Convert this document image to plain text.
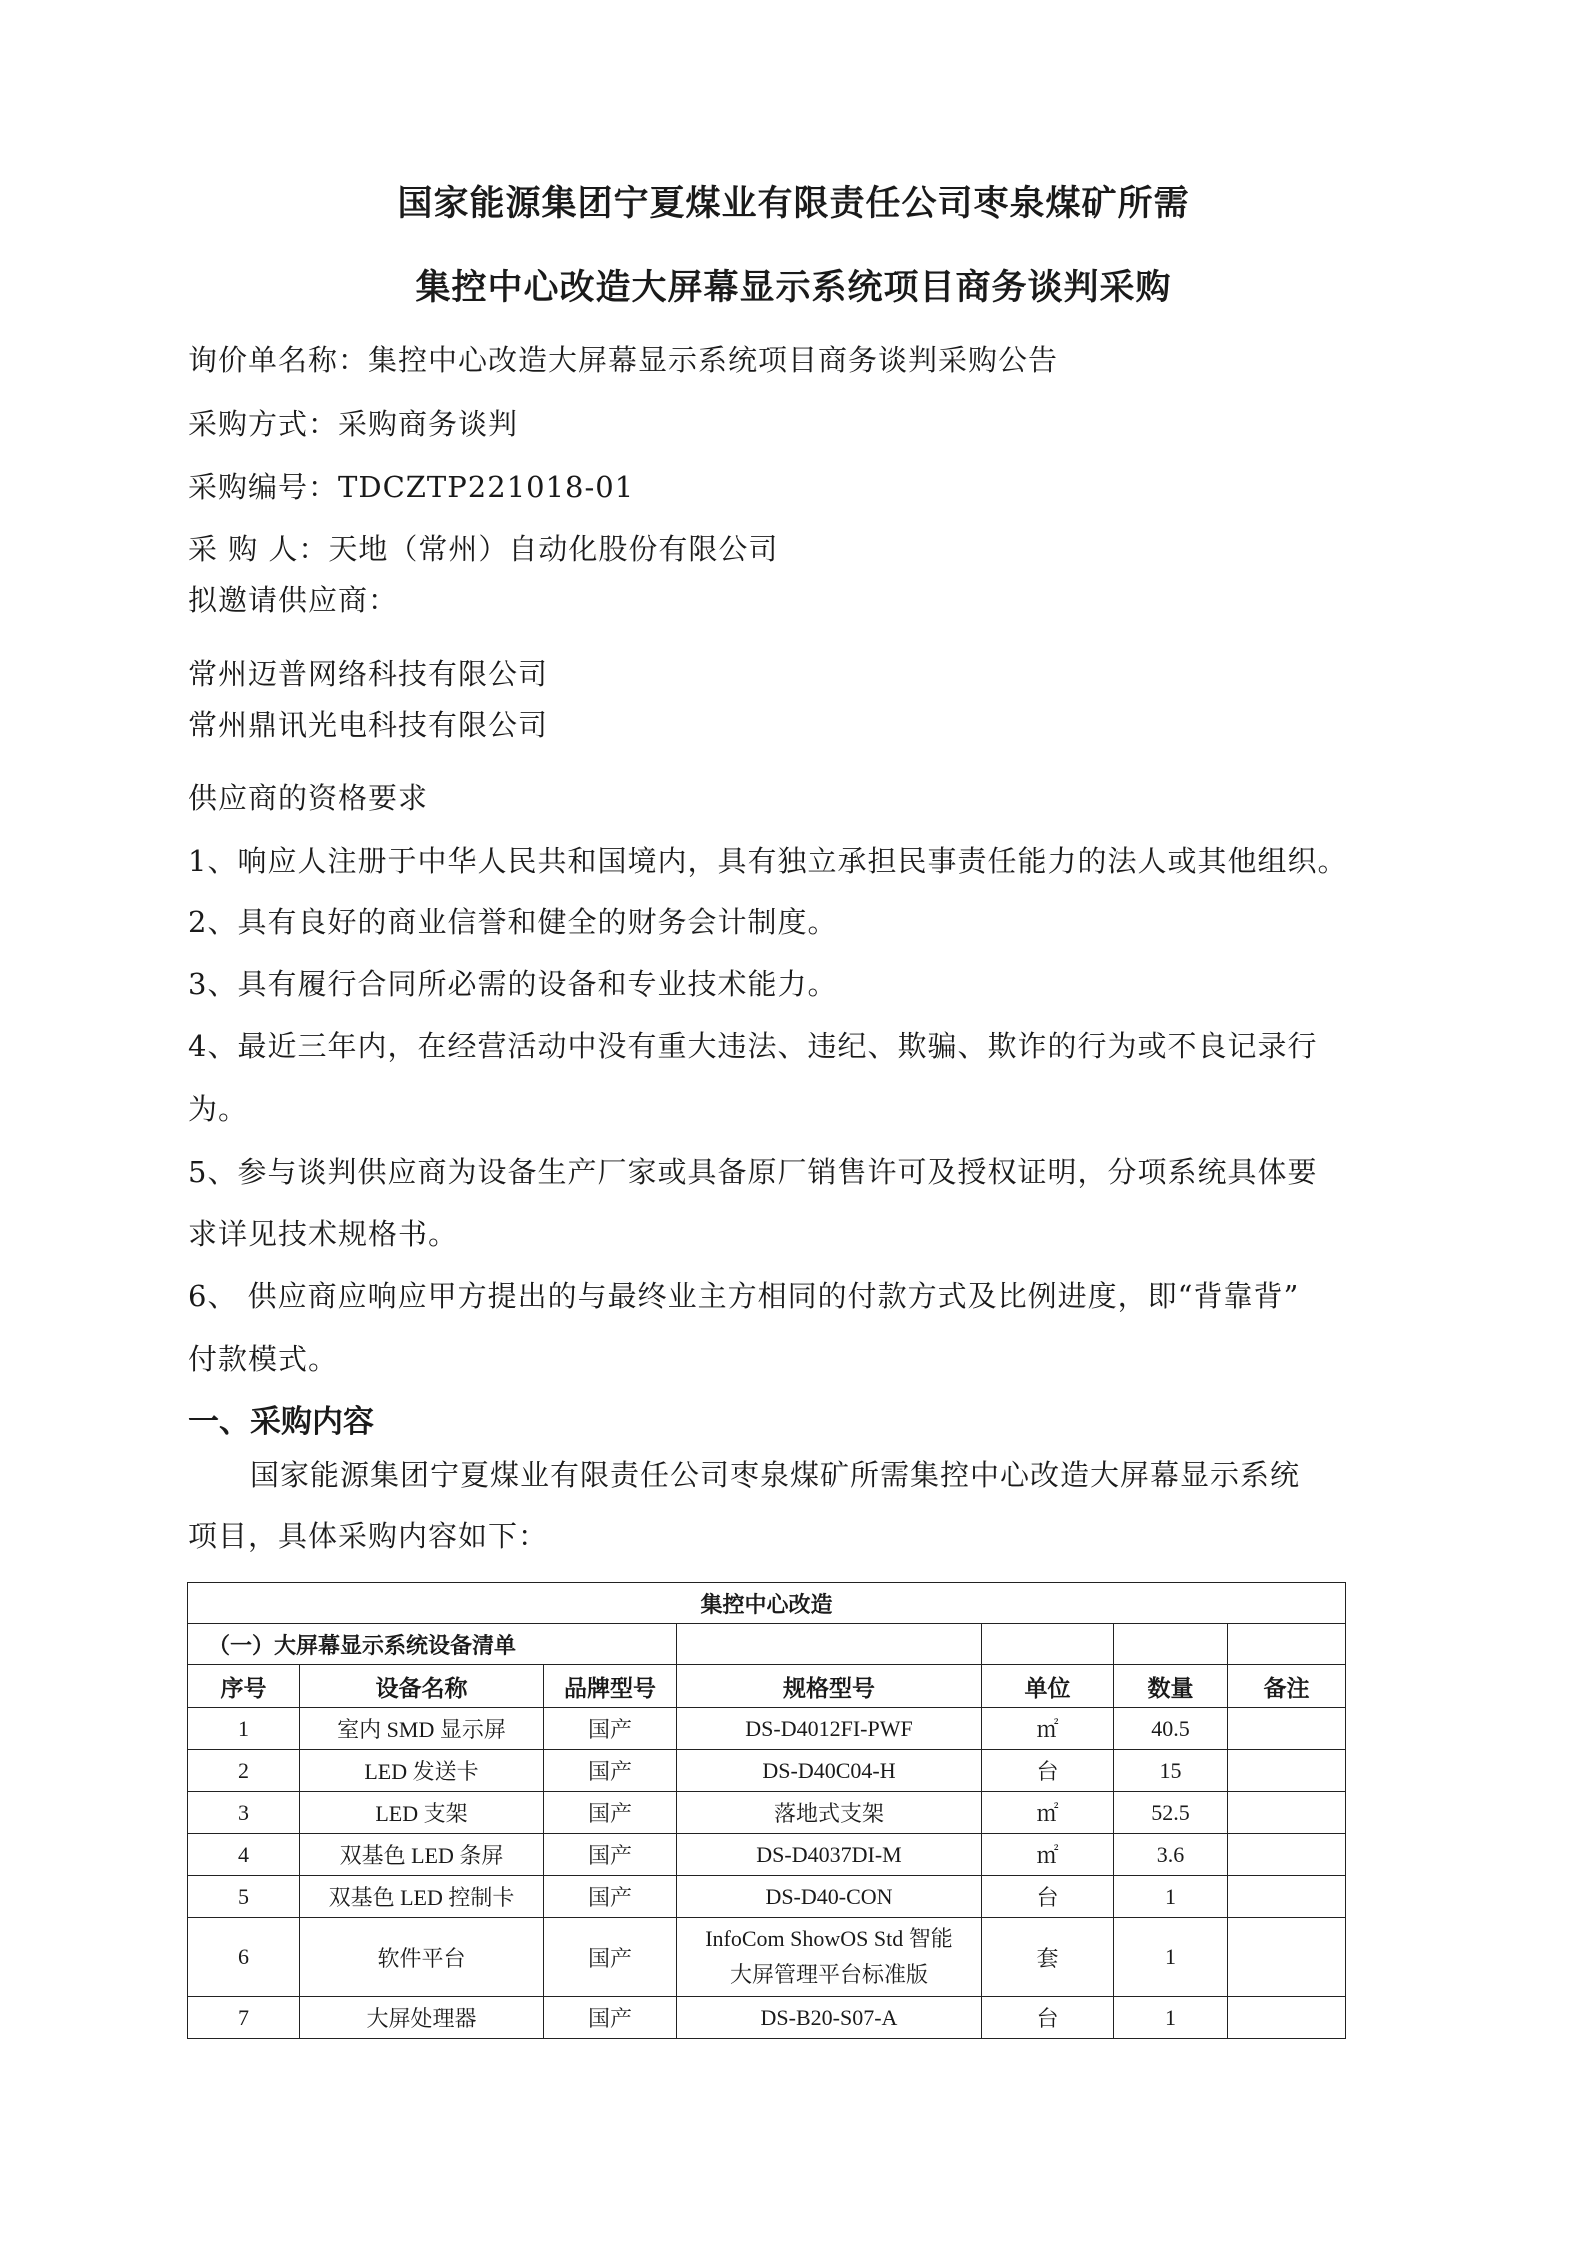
国家能源集团宁夏煤业有限责任公司枣泉煤矿所需
集控中心改造大屏幕显示系统项目商务谈判采购
询价单名称：集控中心改造大屏幕显示系统项目商务谈判采购公告
采购方式：采购商务谈判
采购编号：TDCZTP221018-01
采 购 人：天地（常州）自动化股份有限公司
拟邀请供应商：
常州迈普网络科技有限公司
常州鼎讯光电科技有限公司
供应商的资格要求
1、响应人注册于中华人民共和国境内，具有独立承担民事责任能力的法人或其他组织。
2、具有良好的商业信誉和健全的财务会计制度。
3、具有履行合同所必需的设备和专业技术能力。
4、最近三年内，在经营活动中没有重大违法、违纪、欺骗、欺诈的行为或不良记录行
为。
5、参与谈判供应商为设备生产厂家或具备原厂销售许可及授权证明，分项系统具体要
求详见技术规格书。
6、 供应商应响应甲方提出的与最终业主方相同的付款方式及比例进度，即“背靠背”
付款模式。
一、采购内容
国家能源集团宁夏煤业有限责任公司枣泉煤矿所需集控中心改造大屏幕显示系统
项目，具体采购内容如下：
集控中心改造						
（一）大屏幕显示系统设备清单						
序号	设备名称	品牌型号	规格型号	单位	数量	备注
1	室内 SMD 显示屏	国产	DS-D4012FI-PWF	㎡	40.5	
2	LED 发送卡	国产	DS-D40C04-H	台	15	
3	LED 支架	国产	落地式支架	㎡	52.5	
4	双基色 LED 条屏	国产	DS-D4037DI-M	㎡	3.6	
5	双基色 LED 控制卡	国产	DS-D40-CON	台	1	
6	软件平台	国产	InfoCom ShowOS Std 智能
大屏管理平台标准版	套	1	
7	大屏处理器	国产	DS-B20-S07-A	台	1	
